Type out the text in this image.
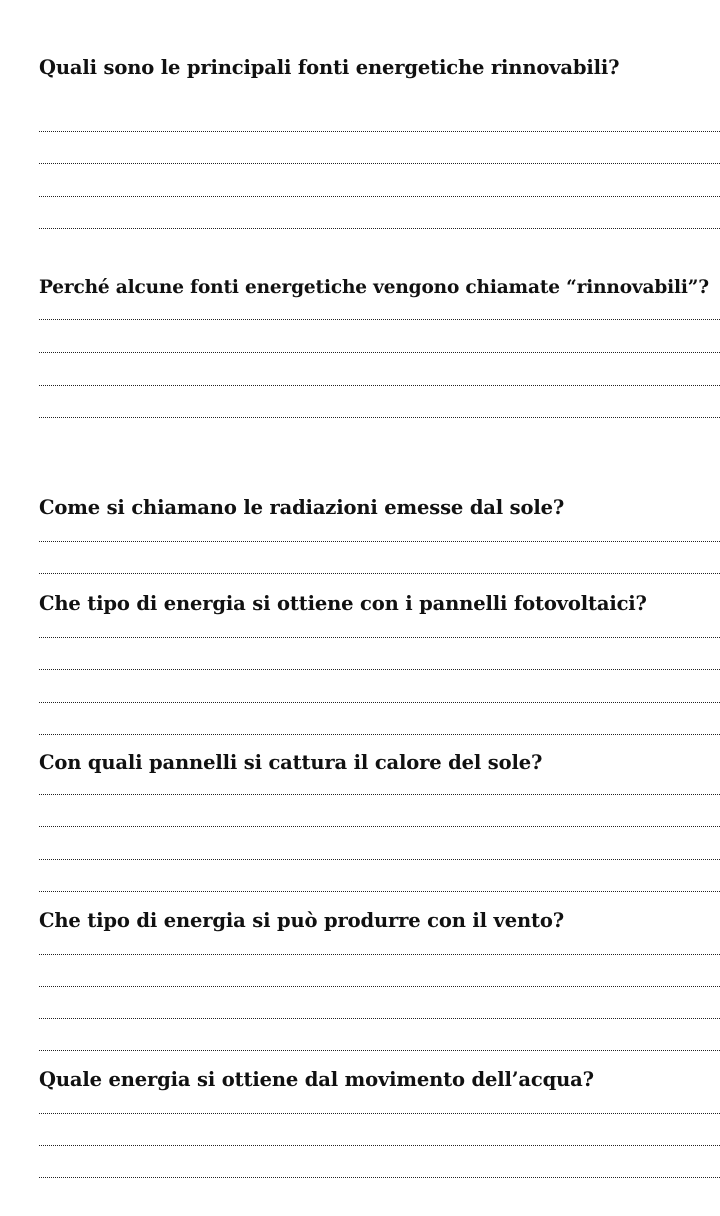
Quali sono le principali fonti energetiche rinnovabili?
Perché alcune fonti energetiche vengono chiamate “rinnovabili”?
Come si chiamano le radiazioni emesse dal sole?
Che tipo di energia si ottiene con i pannelli fotovoltaici?
Con quali pannelli si cattura il calore del sole?
Che tipo di energia si può produrre con il vento?
Quale energia si ottiene dal movimento dell’acqua?
